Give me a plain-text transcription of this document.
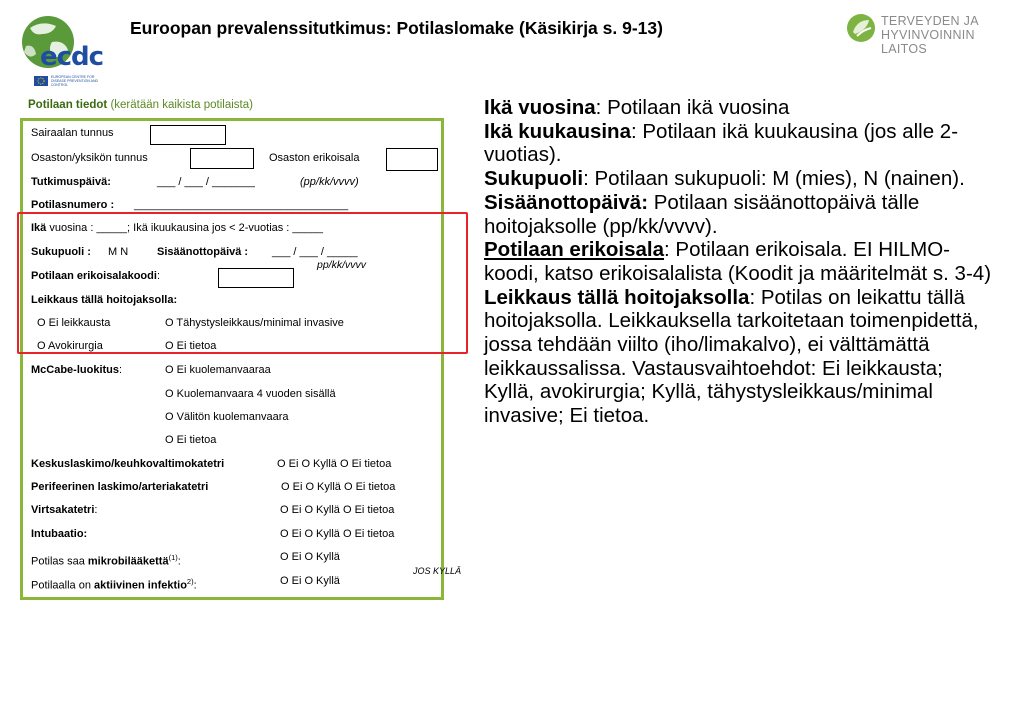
ecdc
EUROPEAN CENTRE FOR DISEASE PREVENTION AND CONTROL
TERVEYDEN JA
HYVINVOINNIN LAITOS
Euroopan prevalenssitutkimus: Potilaslomake (Käsikirja s. 9-13)
Potilaan tiedot (kerätään kaikista potilaista)
Sairaalan tunnus
Osaston/yksikön tunnus	Osaston erikoisala
Tutkimuspäivä:	___ / ___ / _______	(pp/kk/vvvv)
Potilasnumero : ___________________________________
Ikä vuosina : _____; Ikä ikuukausina jos < 2-vuotias : _____
Sukupuoli : M N	Sisäänottopäivä : ___ / ___ / _____
pp/kk/vvvv
Potilaan erikoisalakoodi:
Leikkaus tällä hoitojaksolla:
O Ei leikkausta	O Tähystysleikkaus/minimal invasive
O Avokirurgia	O Ei tietoa
McCabe-luokitus:	O Ei kuolemanvaaraa
O Kuolemanvaara 4 vuoden sisällä
O Välitön kuolemanvaara
O Ei tietoa
Keskuslaskimo/keuhkovaltimokatetri	O Ei O Kyllä O Ei tietoa
Perifeerinen laskimo/arteriakatetri	O Ei O Kyllä O Ei tietoa
Virtsakatetri:	O Ei O Kyllä O Ei tietoa
Intubaatio:	O Ei O Kyllä O Ei tietoa
Potilas saa mikrobilääkettä$^{(1)}$:	O Ei O Kyllä
JOS KYLLÄ
Potilaalla on aktiivinen infektio$^{2)}$:	O Ei O Kyllä

Ikä vuosina: Potilaan ikä vuosina

Ikä kuukausina: Potilaan ikä kuukausina (jos alle 2-vuotias).

Sukupuoli: Potilaan sukupuoli: M (mies), N (nainen).

Sisäänottopäivä: Potilaan sisäänottopäivä tälle hoitojaksolle (pp/kk/vvvv).

Potilaan erikoisala: Potilaan erikoisala. EI HILMO-koodi, katso erikoisalalista (Koodit ja määritelmät s. 3-4)

Leikkaus tällä hoitojaksolla: Potilas on leikattu tällä hoitojaksolla. Leikkauksella tarkoitetaan toimenpidettä, jossa tehdään viilto (iho/limakalvo), ei välttämättä leikkaussalissa. Vastausvaihtoehdot: Ei leikkausta; Kyllä, avokirurgia; Kyllä, tähystysleikkaus/minimal invasive; Ei tietoa.
